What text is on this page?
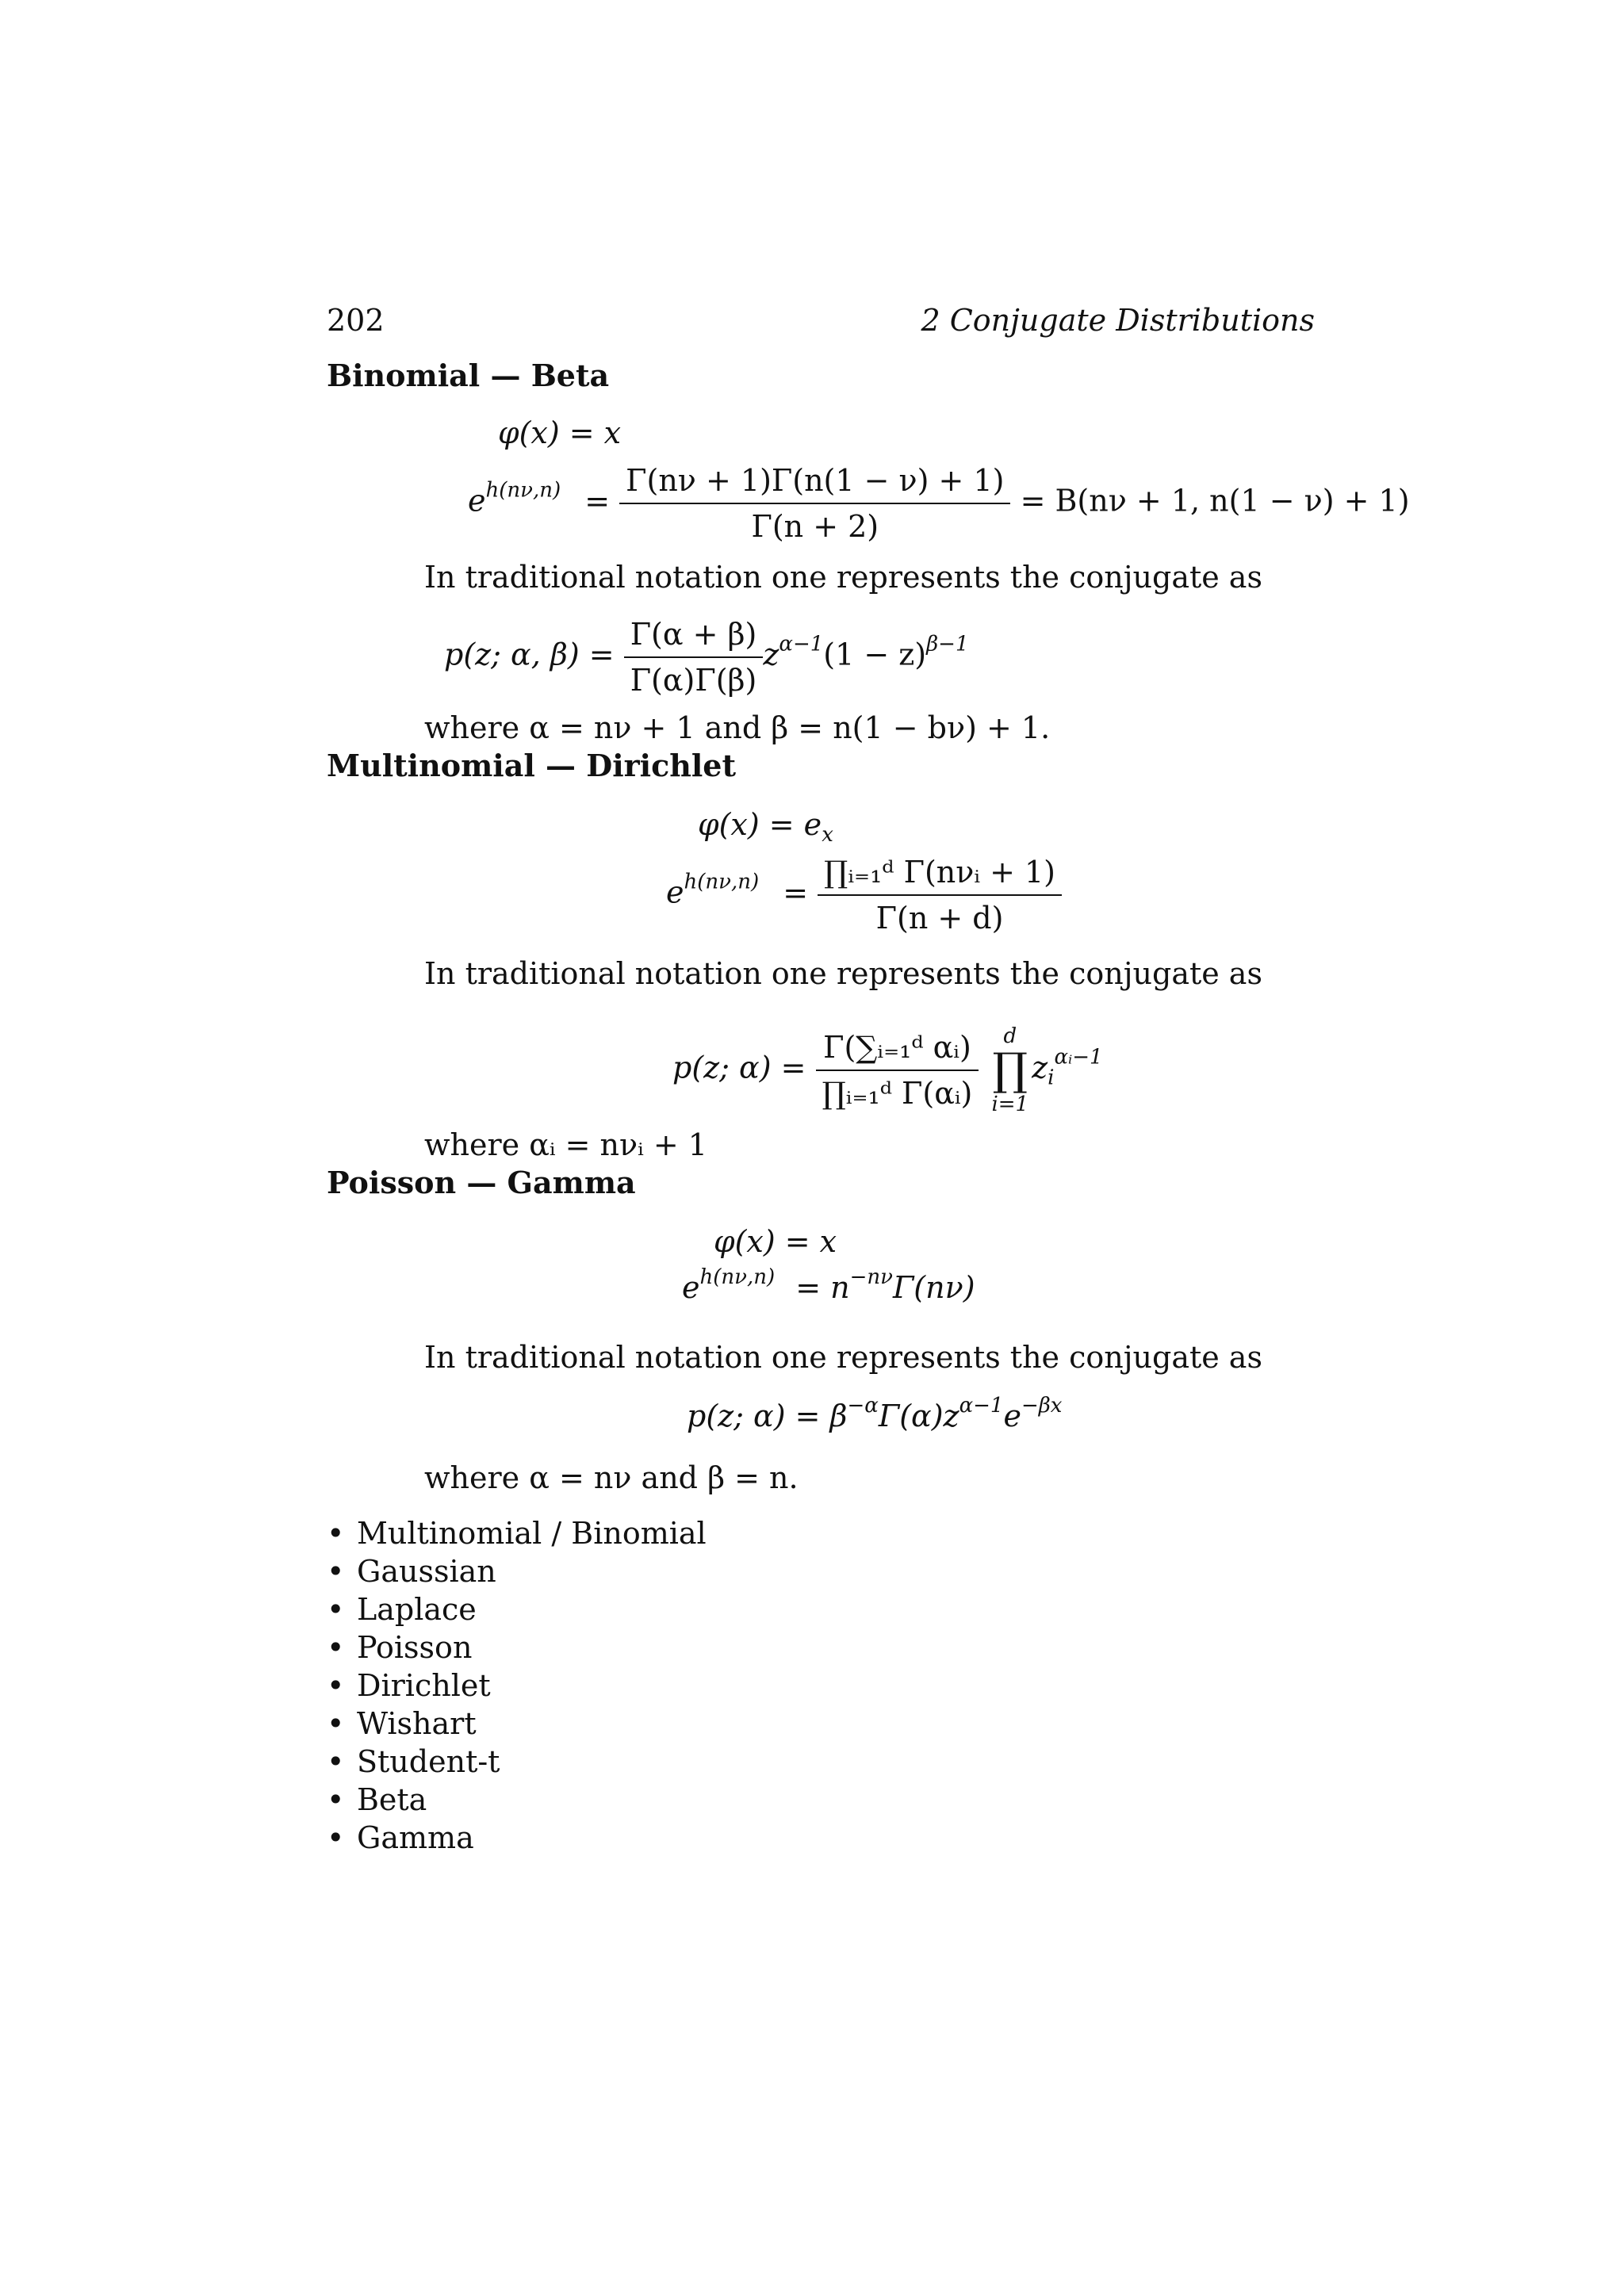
202	2 Conjugate Distributions
Binomial — Beta
φ(x) = x
$e^{h(n\nu,n)} = \frac{\Gamma(n\nu + 1)\Gamma(n(1 - \nu) + 1)}{\Gamma(n + 2)} = B(n\nu + 1$, n(1 − ν) + 1)
In traditional notation one represents the conjugate as
p(z; α, $\beta) = \frac{\Gamma(\alpha + \beta)}{\Gamma(\alpha)\Gamma(\beta)} z^{\alpha-1}(1 - z)^{\beta-1}$
where α = nν + 1 and β = n(1 − bν) + 1.
Multinomial — Dirichlet
$\varphi(x) = e_x$
$e^{h(n\nu,n)} = \frac{\text{∏ᵢ₌₁ᵈ Γ(nνᵢ + 1)}}{\Gamma(n + d)}$
In traditional notation one represents the conjugate as
p(z; $\alpha) = \frac{\text{Γ(∑ᵢ₌₁ᵈ αᵢ)}}{\text{∏ᵢ₌₁ᵈ Γ(αᵢ)}}$
	d
∏
i=1
$z_i^{\alpha ᵢ-1}$
where αᵢ = nνᵢ + 1
Poisson — Gamma
φ(x) = x
$e^{h(n\nu,n)} = n^{-n\nu}\Gamma(n\nu)$
In traditional notation one represents the conjugate as
p(z; $\alpha) = \beta^{-\alpha}\Gamma(\alpha)z^{\alpha-1}e^{-\beta x}$
where α = nν and β = n.
• Multinomial / Binomial
• Gaussian
• Laplace
• Poisson
• Dirichlet
• Wishart
• Student-t
• Beta
• Gamma
